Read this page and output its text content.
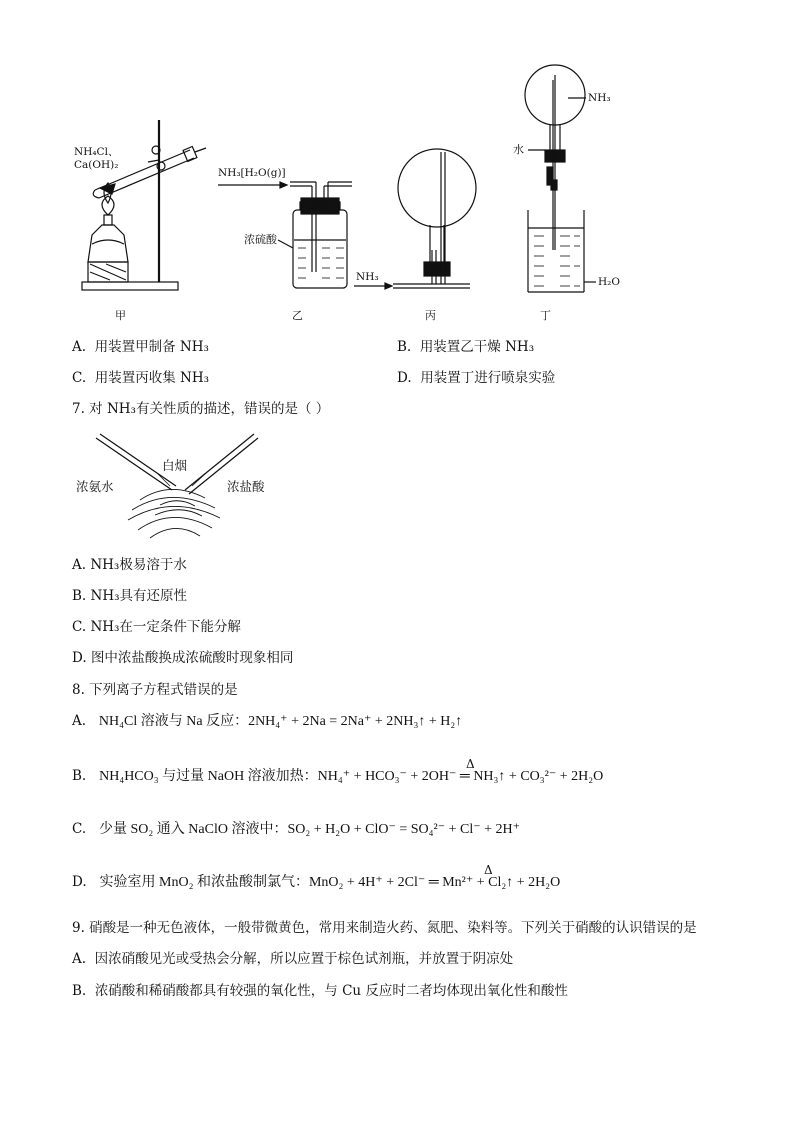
NH₄Cl、
Ca(OH)₂
NH₃[H₂O(g)]
浓硫酸
NH₃
NH₃
水
H₂O
甲	乙	丙	丁
A. 用装置甲制备 NH₃	B. 用装置乙干燥 NH₃
C. 用装置丙收集 NH₃	D. 用装置丁进行喷泉实验
7. 对 NH₃有关性质的描述，错误的是（ ）
白烟
浓氨水	浓盐酸
A. NH₃极易溶于水
B. NH₃具有还原性
C. NH₃在一定条件下能分解
D. 图中浓盐酸换成浓硫酸时现象相同
8. 下列离子方程式错误的是
A. NH₄Cl 溶液与 Na 反应：2NH₄⁺ + 2Na = 2Na⁺ + 2NH₃↑ + H₂↑
B. NH₄HCO₃ 与过量 NaOH 溶液加热：NH₄⁺ + HCO₃⁻ + 2OH⁻ ═ NH₃↑ + CO₃²⁻ + 2H₂O
Δ
C. 少量 SO₂ 通入 NaClO 溶液中：SO₂ + H₂O + ClO⁻ = SO₄²⁻ + Cl⁻ + 2H⁺
D. 实验室用 MnO₂ 和浓盐酸制氯气：MnO₂ + 4H⁺ + 2Cl⁻ ═ Mn²⁺ + Cl₂↑ + 2H₂O
Δ
9. 硝酸是一种无色液体，一般带微黄色，常用来制造火药、氮肥、染料等。下列关于硝酸的认识错误的是
A. 因浓硝酸见光或受热会分解，所以应置于棕色试剂瓶，并放置于阴凉处
B. 浓硝酸和稀硝酸都具有较强的氧化性，与 Cu 反应时二者均体现出氧化性和酸性
